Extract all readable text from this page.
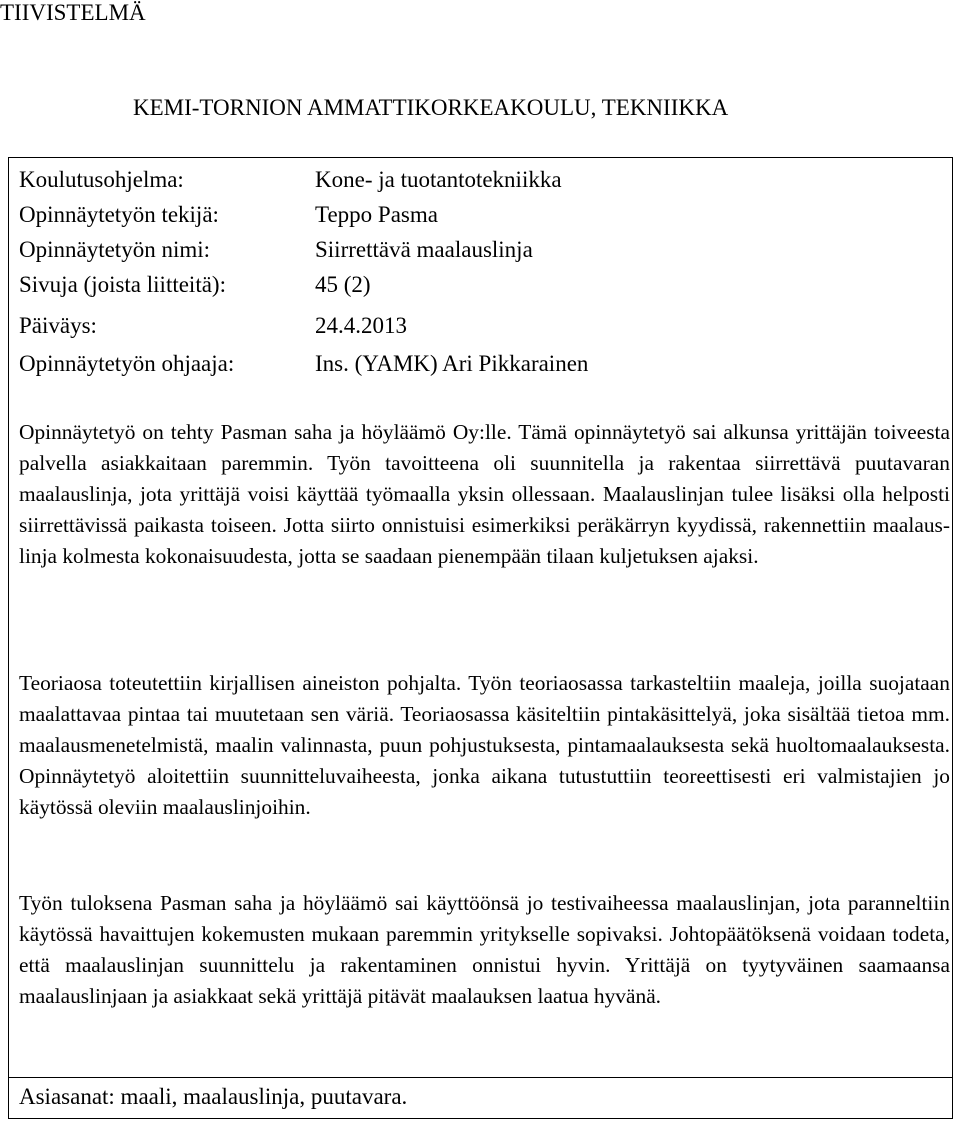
TIIVISTELMÄ
KEMI-TORNION AMMATTIKORKEAKOULU, TEKNIIKKA
Koulutusohjelma:	Kone- ja tuotantotekniikka
Opinnäytetyön tekijä:	Teppo Pasma
Opinnäytetyön nimi:	Siirrettävä maalauslinja
Sivuja (joista liitteitä):	45 (2)
Päiväys:	24.4.2013
Opinnäytetyön ohjaaja:	Ins. (YAMK) Ari Pikkarainen
Opinnäytetyö on tehty Pasman saha ja höyläämö Oy:lle. Tämä opinnäytetyö sai alkunsa yrittäjän toiveesta palvella asiakkaitaan paremmin. Työn tavoitteena oli suunnitella ja rakentaa siirrettävä puutavaran maalauslinja, jota yrittäjä voisi käyttää työmaalla yksin ollessaan. Maalauslinjan tulee lisäksi olla helposti siirrettävissä paikasta toiseen. Jotta siirto onnistuisi esimerkiksi peräkärryn kyydissä, rakennettiin maalauslinja kolmesta kokonaisuudesta, jotta se saadaan pienempään tilaan kuljetuksen ajaksi.
Teoriaosa toteutettiin kirjallisen aineiston pohjalta. Työn teoriaosassa tarkasteltiin maaleja, joilla suojataan maalattavaa pintaa tai muutetaan sen väriä. Teoriaosassa käsiteltiin pintakäsittelyä, joka sisältää tietoa mm. maalausmenetelmistä, maalin valinnasta, puun pohjustuksesta, pintamaalauksesta sekä huoltomaalauksesta. Opinnäytetyö aloitettiin suunnitteluvaiheesta, jonka aikana tutustuttiin teoreettisesti eri valmistajien jo käytössä oleviin maalauslinjoihin.
Työn tuloksena Pasman saha ja höyläämö sai käyttöönsä jo testivaiheessa maalauslinjan, jota paranneltiin käytössä havaittujen kokemusten mukaan paremmin yritykselle sopivaksi. Johtopäätöksenä voidaan todeta, että maalauslinjan suunnittelu ja rakentaminen onnistui hyvin. Yrittäjä on tyytyväinen saamaansa maalauslinjaan ja asiakkaat sekä yrittäjä pitävät maalauksen laatua hyvänä.
Asiasanat: maali, maalauslinja, puutavara.
